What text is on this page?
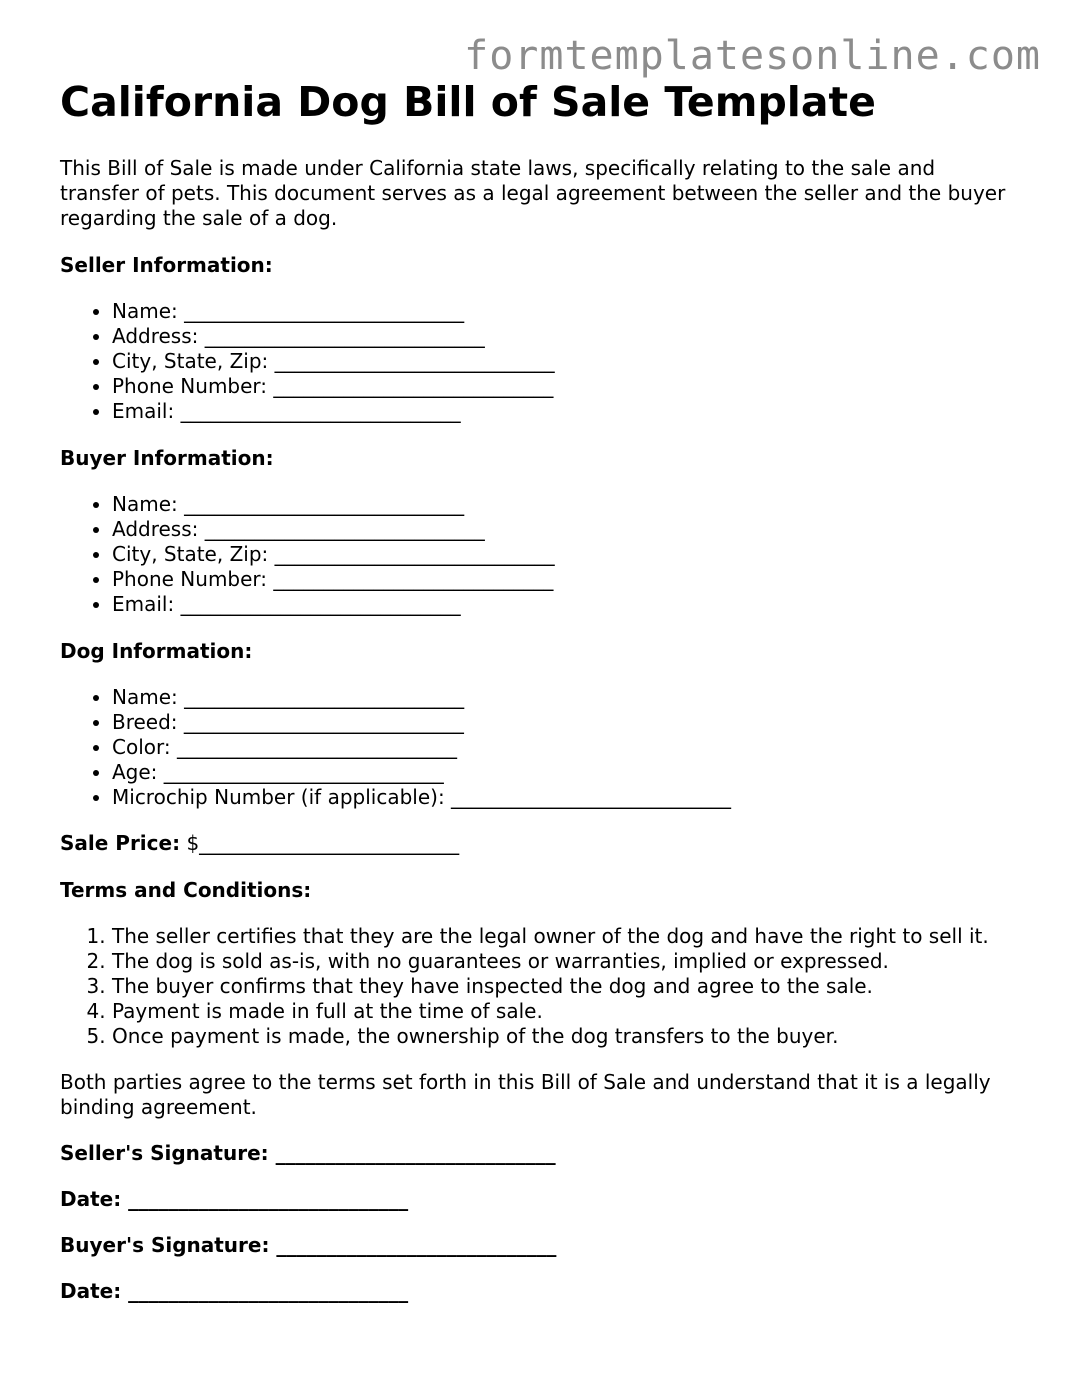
formtemplatesonline.com
California Dog Bill of Sale Template

This Bill of Sale is made under California state laws, specifically relating to the sale and transfer of pets. This document serves as a legal agreement between the seller and the buyer regarding the sale of a dog.

Seller Information:

• Name: ____________________________
• Address: ____________________________
• City, State, Zip: ____________________________
• Phone Number: ____________________________
• Email: ____________________________

Buyer Information:

• Name: ____________________________
• Address: ____________________________
• City, State, Zip: ____________________________
• Phone Number: ____________________________
• Email: ____________________________

Dog Information:

• Name: ____________________________
• Breed: ____________________________
• Color: ____________________________
• Age: ____________________________
• Microchip Number (if applicable): ____________________________

Sale Price: $__________________________

Terms and Conditions:

1. The seller certifies that they are the legal owner of the dog and have the right to sell it.
2. The dog is sold as-is, with no guarantees or warranties, implied or expressed.
3. The buyer confirms that they have inspected the dog and agree to the sale.
4. Payment is made in full at the time of sale.
5. Once payment is made, the ownership of the dog transfers to the buyer.

Both parties agree to the terms set forth in this Bill of Sale and understand that it is a legally binding agreement.

Seller's Signature: ____________________________

Date: ____________________________

Buyer's Signature: ____________________________

Date: ____________________________
